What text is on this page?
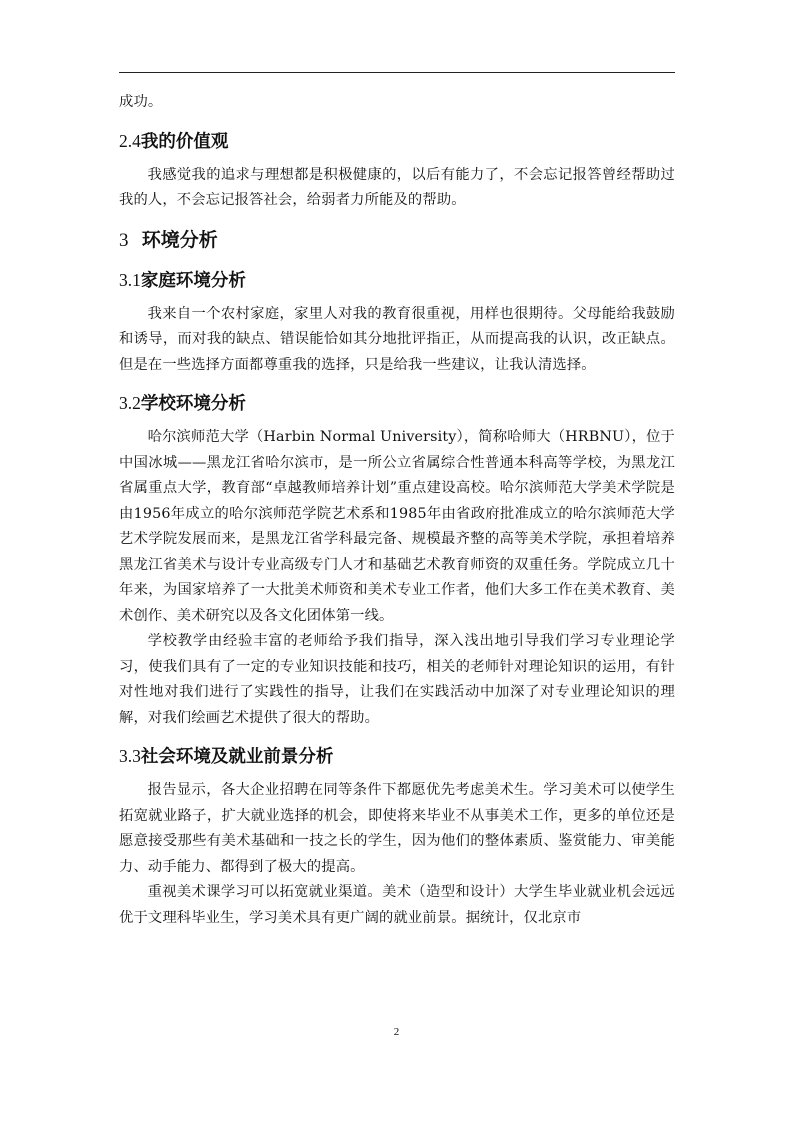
成功。

2.4我的价值观

我感觉我的追求与理想都是积极健康的，以后有能力了，不会忘记报答曾经帮助过我的人，不会忘记报答社会，给弱者力所能及的帮助。

3 环境分析
3.1家庭环境分析

我来自一个农村家庭，家里人对我的教育很重视，用样也很期待。父母能给我鼓励和诱导，而对我的缺点、错误能恰如其分地批评指正，从而提高我的认识，改正缺点。但是在一些选择方面都尊重我的选择，只是给我一些建议，让我认清选择。

3.2学校环境分析

哈尔滨师范大学（Harbin Normal University），简称哈师大（HRBNU），位于中国冰城——黑龙江省哈尔滨市，是一所公立省属综合性普通本科高等学校，为黑龙江省属重点大学，教育部“卓越教师培养计划”重点建设高校。哈尔滨师范大学美术学院是由1956年成立的哈尔滨师范学院艺术系和1985年由省政府批准成立的哈尔滨师范大学艺术学院发展而来，是黑龙江省学科最完备、规模最齐整的高等美术学院，承担着培养黑龙江省美术与设计专业高级专门人才和基础艺术教育师资的双重任务。学院成立几十年来，为国家培养了一大批美术师资和美术专业工作者，他们大多工作在美术教育、美术创作、美术研究以及各文化团体第一线。

学校教学由经验丰富的老师给予我们指导，深入浅出地引导我们学习专业理论学习，使我们具有了一定的专业知识技能和技巧，相关的老师针对理论知识的运用，有针对性地对我们进行了实践性的指导，让我们在实践活动中加深了对专业理论知识的理解，对我们绘画艺术提供了很大的帮助。

3.3社会环境及就业前景分析

报告显示，各大企业招聘在同等条件下都愿优先考虑美术生。学习美术可以使学生拓宽就业路子，扩大就业选择的机会，即使将来毕业不从事美术工作，更多的单位还是愿意接受那些有美术基础和一技之长的学生，因为他们的整体素质、鉴赏能力、审美能力、动手能力、都得到了极大的提高。

重视美术课学习可以拓宽就业渠道。美术（造型和设计）大学生毕业就业机会远远优于文理科毕业生，学习美术具有更广阔的就业前景。据统计，仅北京市

2
